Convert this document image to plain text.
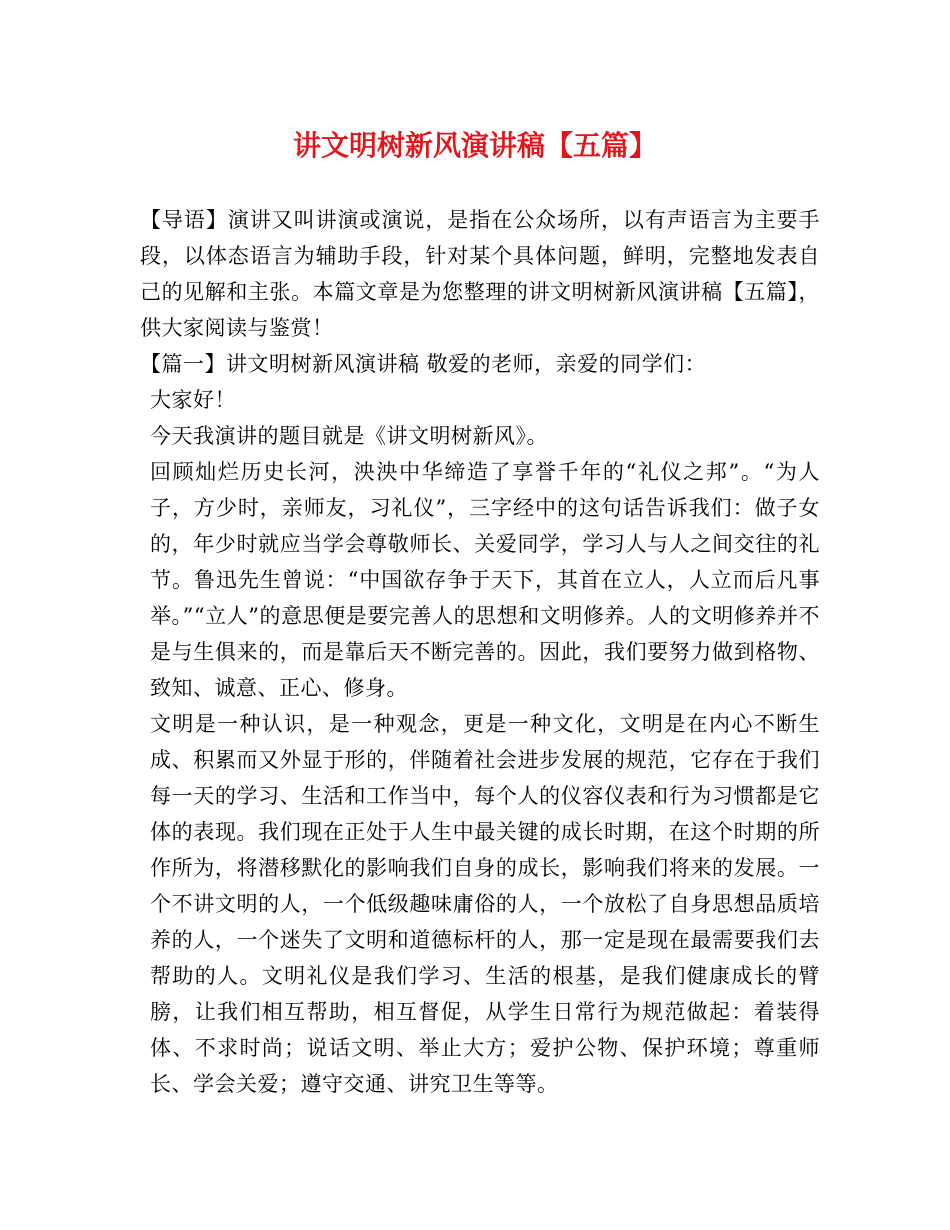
讲文明树新风演讲稿【五篇】

【导语】演讲又叫讲演或演说，是指在公众场所，以有声语言为主要手段，以体态语言为辅助手段，针对某个具体问题，鲜明，完整地发表自己的见解和主张。本篇文章是为您整理的讲文明树新风演讲稿【五篇】，供大家阅读与鉴赏！

【篇一】讲文明树新风演讲稿 敬爱的老师，亲爱的同学们：

大家好！

今天我演讲的题目就是《讲文明树新风》。

回顾灿烂历史长河，泱泱中华缔造了享誉千年的“礼仪之邦”。“为人子，方少时，亲师友，习礼仪”，三字经中的这句话告诉我们：做子女的，年少时就应当学会尊敬师长、关爱同学，学习人与人之间交往的礼节。鲁迅先生曾说：“中国欲存争于天下，其首在立人，人立而后凡事举。”“立人”的意思便是要完善人的思想和文明修养。人的文明修养并不是与生俱来的，而是靠后天不断完善的。因此，我们要努力做到格物、致知、诚意、正心、修身。

文明是一种认识，是一种观念，更是一种文化，文明是在内心不断生成、积累而又外显于形的，伴随着社会进步发展的规范，它存在于我们每一天的学习、生活和工作当中，每个人的仪容仪表和行为习惯都是它体的表现。我们现在正处于人生中最关键的成长时期，在这个时期的所作所为，将潜移默化的影响我们自身的成长，影响我们将来的发展。一个不讲文明的人，一个低级趣味庸俗的人，一个放松了自身思想品质培养的人，一个迷失了文明和道德标杆的人，那一定是现在最需要我们去帮助的人。文明礼仪是我们学习、生活的根基，是我们健康成长的臂膀，让我们相互帮助，相互督促，从学生日常行为规范做起：着装得体、不求时尚；说话文明、举止大方；爱护公物、保护环境；尊重师长、学会关爱；遵守交通、讲究卫生等等。
